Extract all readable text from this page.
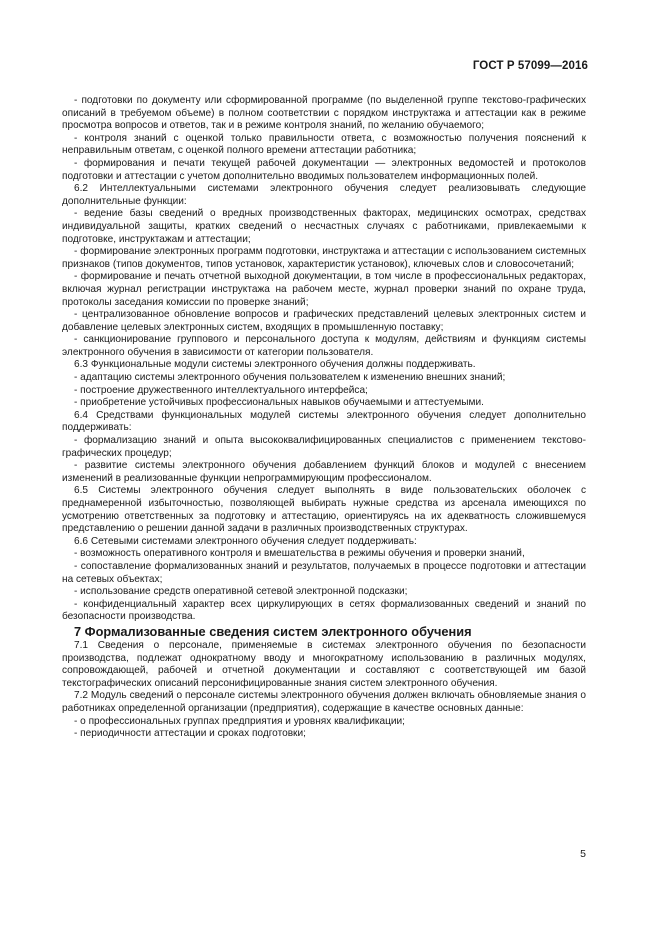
ГОСТ Р 57099—2016

- подготовки по документу или сформированной программе (по выделенной группе текстово-графических описаний в требуемом объеме) в полном соответствии с порядком инструктажа и аттестации как в режиме просмотра вопросов и ответов, так и в режиме контроля знаний, по желанию обучаемого;

- контроля знаний с оценкой только правильности ответа, с возможностью получения пояснений к неправильным ответам, с оценкой полного времени аттестации работника;

- формирования и печати текущей рабочей документации — электронных ведомостей и протоколов подготовки и аттестации с учетом дополнительно вводимых пользователем информационных полей.

6.2 Интеллектуальными системами электронного обучения следует реализовывать следующие дополнительные функции:

- ведение базы сведений о вредных производственных факторах, медицинских осмотрах, средствах индивидуальной защиты, кратких сведений о несчастных случаях с работниками, привлекаемыми к подготовке, инструктажам и аттестации;

- формирование электронных программ подготовки, инструктажа и аттестации с использованием системных признаков (типов документов, типов установок, характеристик установок), ключевых слов и словосочетаний;

- формирование и печать отчетной выходной документации, в том числе в профессиональных редакторах, включая журнал регистрации инструктажа на рабочем месте, журнал проверки знаний по охране труда, протоколы заседания комиссии по проверке знаний;

- централизованное обновление вопросов и графических представлений целевых электронных систем и добавление целевых электронных систем, входящих в промышленную поставку;

- санкционирование группового и персонального доступа к модулям, действиям и функциям системы электронного обучения в зависимости от категории пользователя.

6.3 Функциональные модули системы электронного обучения должны поддерживать.

- адаптацию системы электронного обучения пользователем к изменению внешних знаний;

- построение дружественного интеллектуального интерфейса;

- приобретение устойчивых профессиональных навыков обучаемыми и аттестуемыми.

6.4 Средствами функциональных модулей системы электронного обучения следует дополнительно поддерживать:

- формализацию знаний и опыта высококвалифицированных специалистов с применением текстово-графических процедур;

- развитие системы электронного обучения добавлением функций блоков и модулей с внесением изменений в реализованные функции непрограммирующим профессионалом.

6.5 Системы электронного обучения следует выполнять в виде пользовательских оболочек с преднамеренной избыточностью, позволяющей выбирать нужные средства из арсенала имеющихся по усмотрению ответственных за подготовку и аттестацию, ориентируясь на их адекватность сложившемуся представлению о решении данной задачи в различных производственных структурах.

6.6 Сетевыми системами электронного обучения следует поддерживать:

- возможность оперативного контроля и вмешательства в режимы обучения и проверки знаний,

- сопоставление формализованных знаний и результатов, получаемых в процессе подготовки и аттестации на сетевых объектах;

- использование средств оперативной сетевой электронной подсказки;

- конфиденциальный характер всех циркулирующих в сетях формализованных сведений и знаний по безопасности производства.

7 Формализованные сведения систем электронного обучения

7.1 Сведения о персонале, применяемые в системах электронного обучения по безопасности производства, подлежат однократному вводу и многократному использованию в различных модулях, сопровождающей, рабочей и отчетной документации и составляют с соответствующей им базой текстографических описаний персонифицированные знания систем электронного обучения.

7.2 Модуль сведений о персонале системы электронного обучения должен включать обновляемые знания о работниках определенной организации (предприятия), содержащие в качестве основных данные:

- о профессиональных группах предприятия и уровнях квалификации;

- периодичности аттестации и сроках подготовки;

5
